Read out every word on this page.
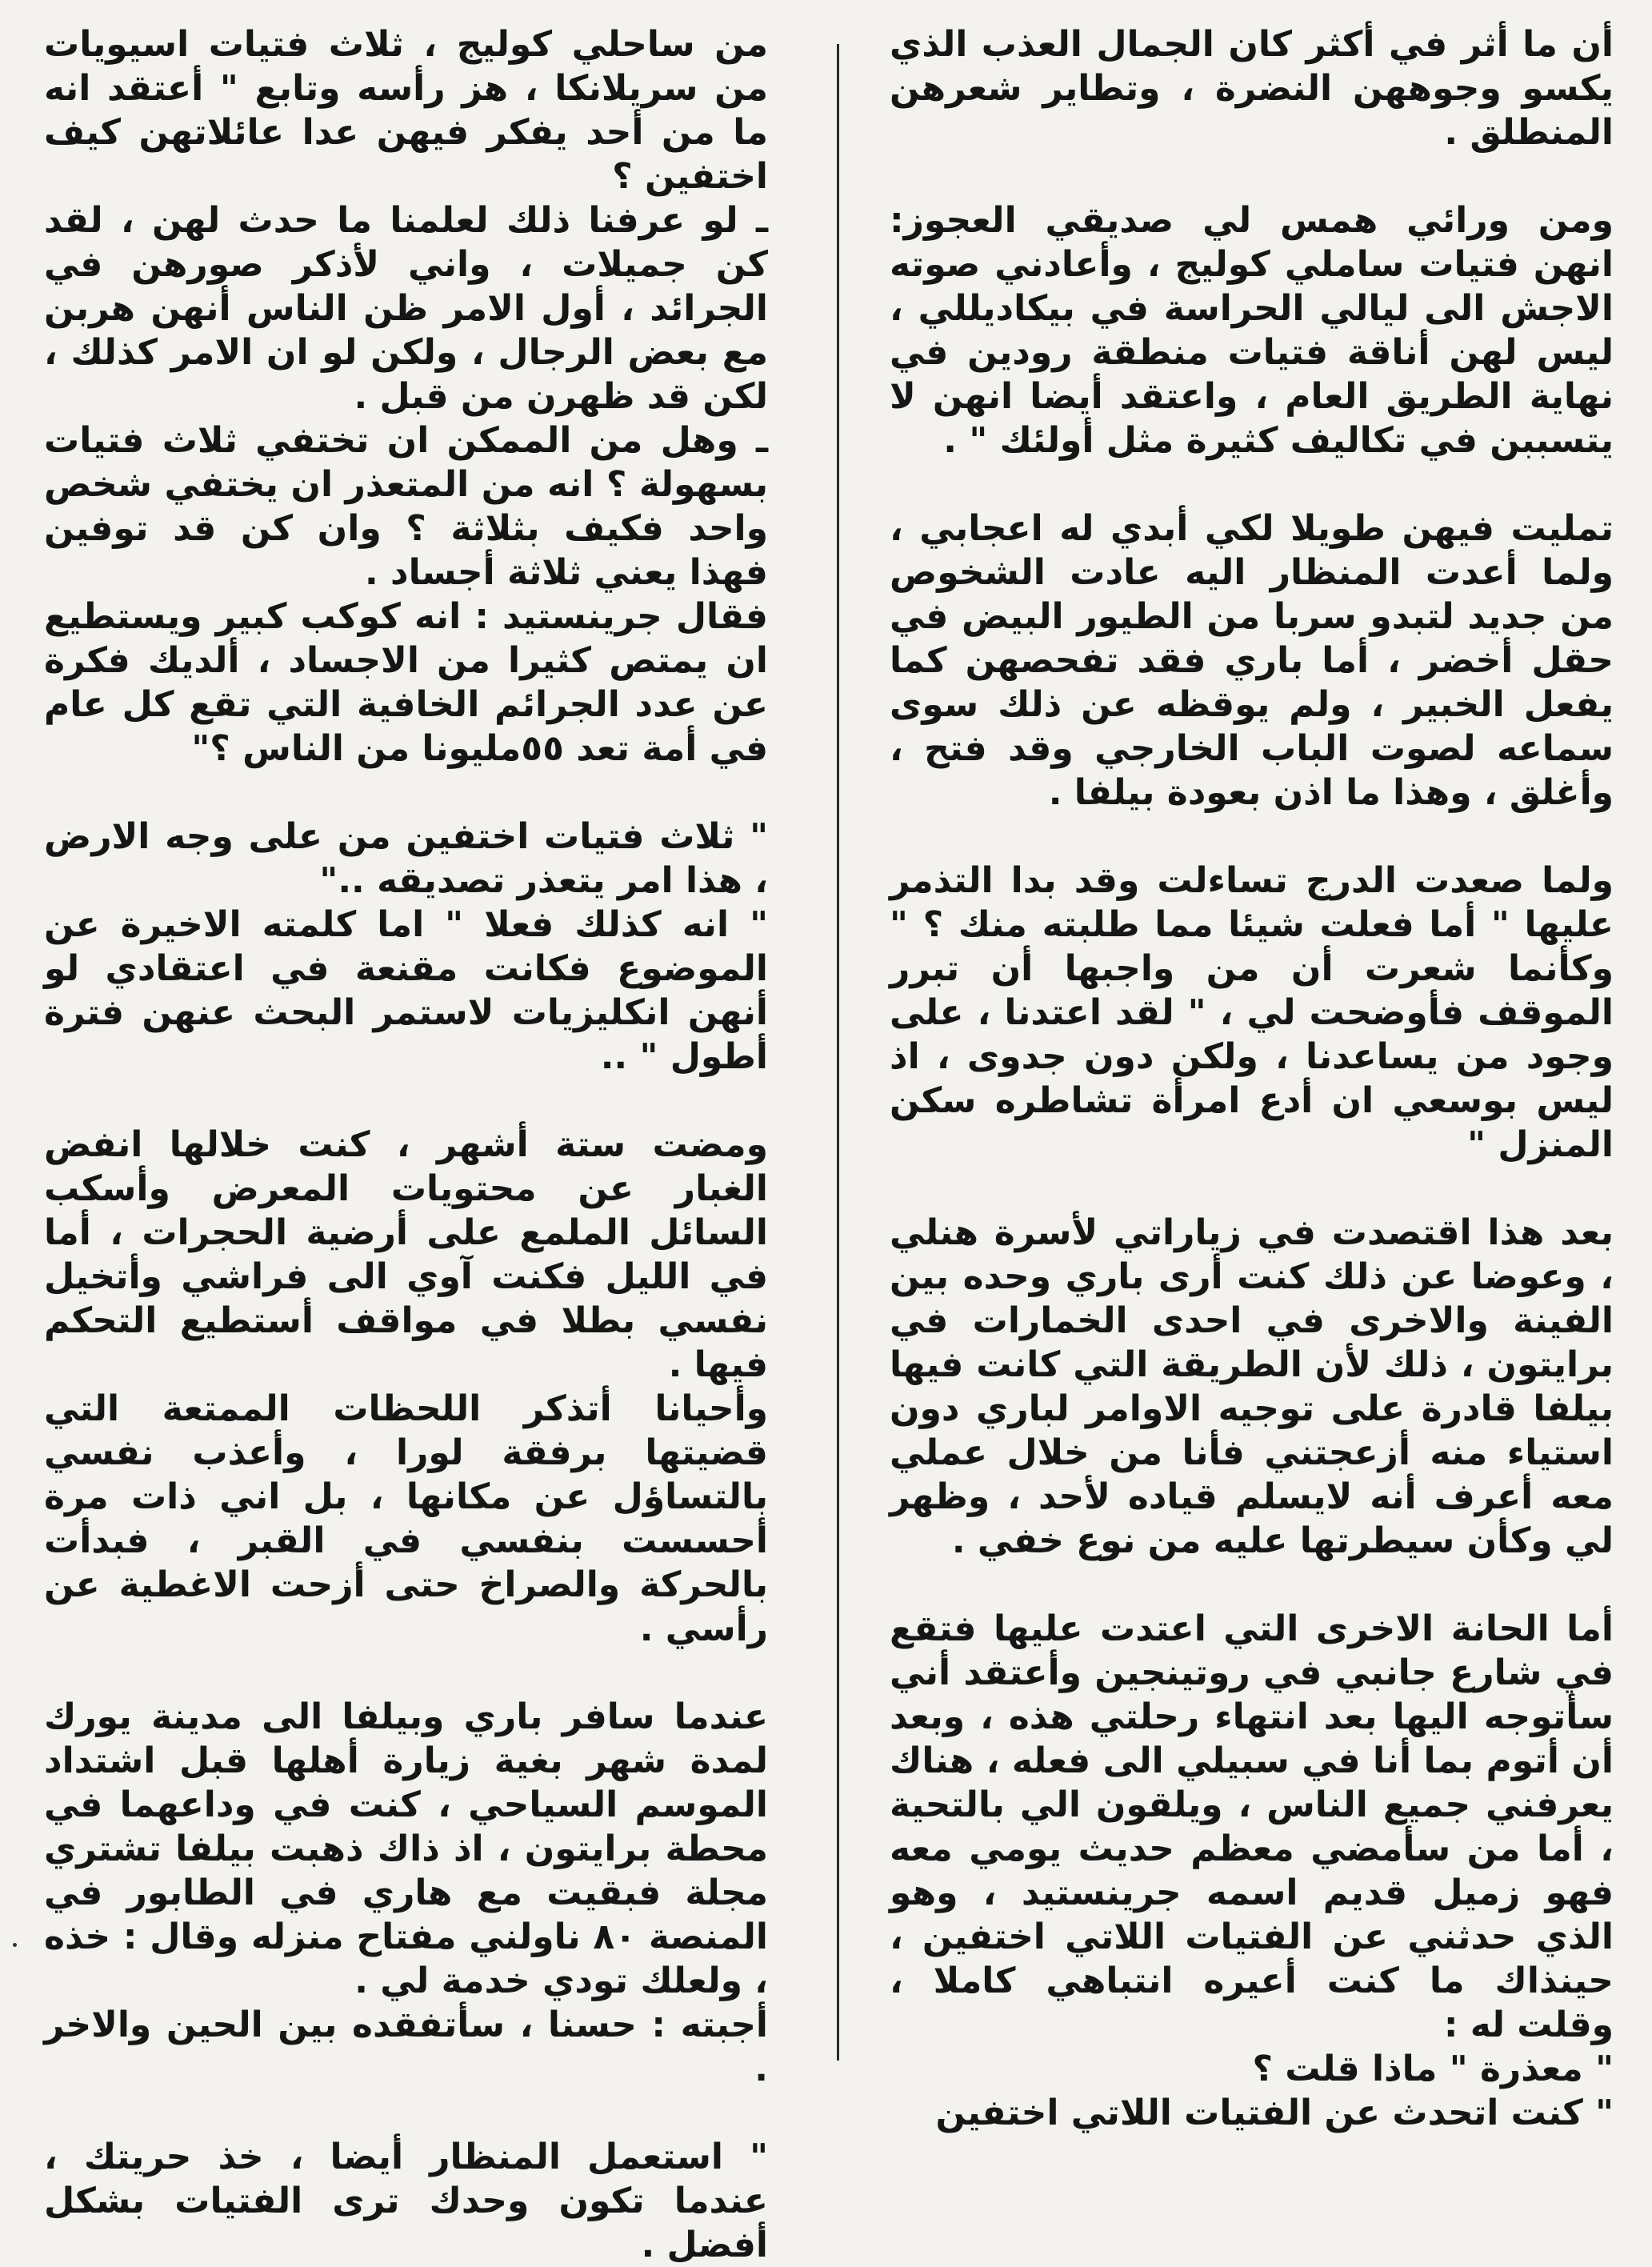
أن ما أثر في أكثر كان الجمال العذب الذي يكسو وجوههن النضرة ، وتطاير شعرهن المنطلق .

ومن ورائي همس لي صديقي العجوز: انهن فتيات ساملي كوليج ، وأعادني صوته الاجش الى ليالي الحراسة في بيكاديللي ، ليس لهن أناقة فتيات منطقة رودين في نهاية الطريق العام ، واعتقد أيضا انهن لا يتسببن في تكاليف كثيرة مثل أولئك " .

تمليت فيهن طويلا لكي أبدي له اعجابي ، ولما أعدت المنظار اليه عادت الشخوص من جديد لتبدو سربا من الطيور البيض في حقل أخضر ، أما باري فقد تفحصهن كما يفعل الخبير ، ولم يوقظه عن ذلك سوى سماعه لصوت الباب الخارجي وقد فتح ، وأغلق ، وهذا ما اذن بعودة بيلفا .

ولما صعدت الدرج تساءلت وقد بدا التذمر عليها " أما فعلت شيئا مما طلبته منك ؟ " وكأنما شعرت أن من واجبها أن تبرر الموقف فأوضحت لي ، " لقد اعتدنا ، على وجود من يساعدنا ، ولكن دون جدوى ، اذ ليس بوسعي ان أدع امرأة تشاطره سكن المنزل "

بعد هذا اقتصدت في زياراتي لأسرة هنلي ، وعوضا عن ذلك كنت أرى باري وحده بين الفينة والاخرى في احدى الخمارات في برايتون ، ذلك لأن الطريقة التي كانت فيها بيلفا قادرة على توجيه الاوامر لباري دون استياء منه أزعجتني فأنا من خلال عملي معه أعرف أنه لايسلم قياده لأحد ، وظهر لي وكأن سيطرتها عليه من نوع خفي .

أما الحانة الاخرى التي اعتدت عليها فتقع في شارع جانبي في روتينجين وأعتقد أني سأتوجه اليها بعد انتهاء رحلتي هذه ، وبعد أن أتوم بما أنا في سبيلي الى فعله ، هناك يعرفني جميع الناس ، ويلقون الي بالتحية ، أما من سأمضي معظم حديث يومي معه فهو زميل قديم اسمه جرينستيد ، وهو الذي حدثني عن الفتيات اللاتي اختفين ، حينذاك ما كنت أعيره انتباهي كاملا ، وقلت له :

" معذرة " ماذا قلت ؟

" كنت اتحدث عن الفتيات اللاتي اختفين

من ساحلي كوليج ، ثلاث فتيات اسيويات من سريلانكا ، هز رأسه وتابع " أعتقد انه ما من أحد يفكر فيهن عدا عائلاتهن كيف اختفين ؟

ـ لو عرفنا ذلك لعلمنا ما حدث لهن ، لقد كن جميلات ، واني لأذكر صورهن في الجرائد ، أول الامر ظن الناس أنهن هربن مع بعض الرجال ، ولكن لو ان الامر كذلك ، لكن قد ظهرن من قبل .

ـ وهل من الممكن ان تختفي ثلاث فتيات بسهولة ؟ انه من المتعذر ان يختفي شخص واحد فكيف بثلاثة ؟ وان كن قد توفين فهذا يعني ثلاثة أجساد .

فقال جرينستيد : انه كوكب كبير ويستطيع ان يمتص كثيرا من الاجساد ، ألديك فكرة عن عدد الجرائم الخافية التي تقع كل عام في أمة تعد ٥٥مليونا من الناس ؟"

" ثلاث فتيات اختفين من على وجه الارض ، هذا امر يتعذر تصديقه .."

" انه كذلك فعلا " اما كلمته الاخيرة عن الموضوع فكانت مقنعة في اعتقادي لو أنهن انكليزيات لاستمر البحث عنهن فترة أطول " ..

ومضت ستة أشهر ، كنت خلالها انفض الغبار عن محتويات المعرض وأسكب السائل الملمع على أرضية الحجرات ، أما في الليل فكنت آوي الى فراشي وأتخيل نفسي بطلا في مواقف أستطيع التحكم فيها .

وأحيانا أتذكر اللحظات الممتعة التي قضيتها برفقة لورا ، وأعذب نفسي بالتساؤل عن مكانها ، بل اني ذات مرة أحسست بنفسي في القبر ، فبدأت بالحركة والصراخ حتى أزحت الاغطية عن رأسي .

عندما سافر باري وبيلفا الى مدينة يورك لمدة شهر بغية زيارة أهلها قبل اشتداد الموسم السياحي ، كنت في وداعهما في محطة برايتون ، اذ ذاك ذهبت بيلفا تشتري مجلة فبقيت مع هاري في الطابور في المنصة ٨٠ ناولني مفتاح منزله وقال : خذه ، ولعلك تودي خدمة لي .

أجبته : حسنا ، سأتفقده بين الحين والاخر .

" استعمل المنظار أيضا ، خذ حريتك ، عندما تكون وحدك ترى الفتيات بشكل أفضل .
